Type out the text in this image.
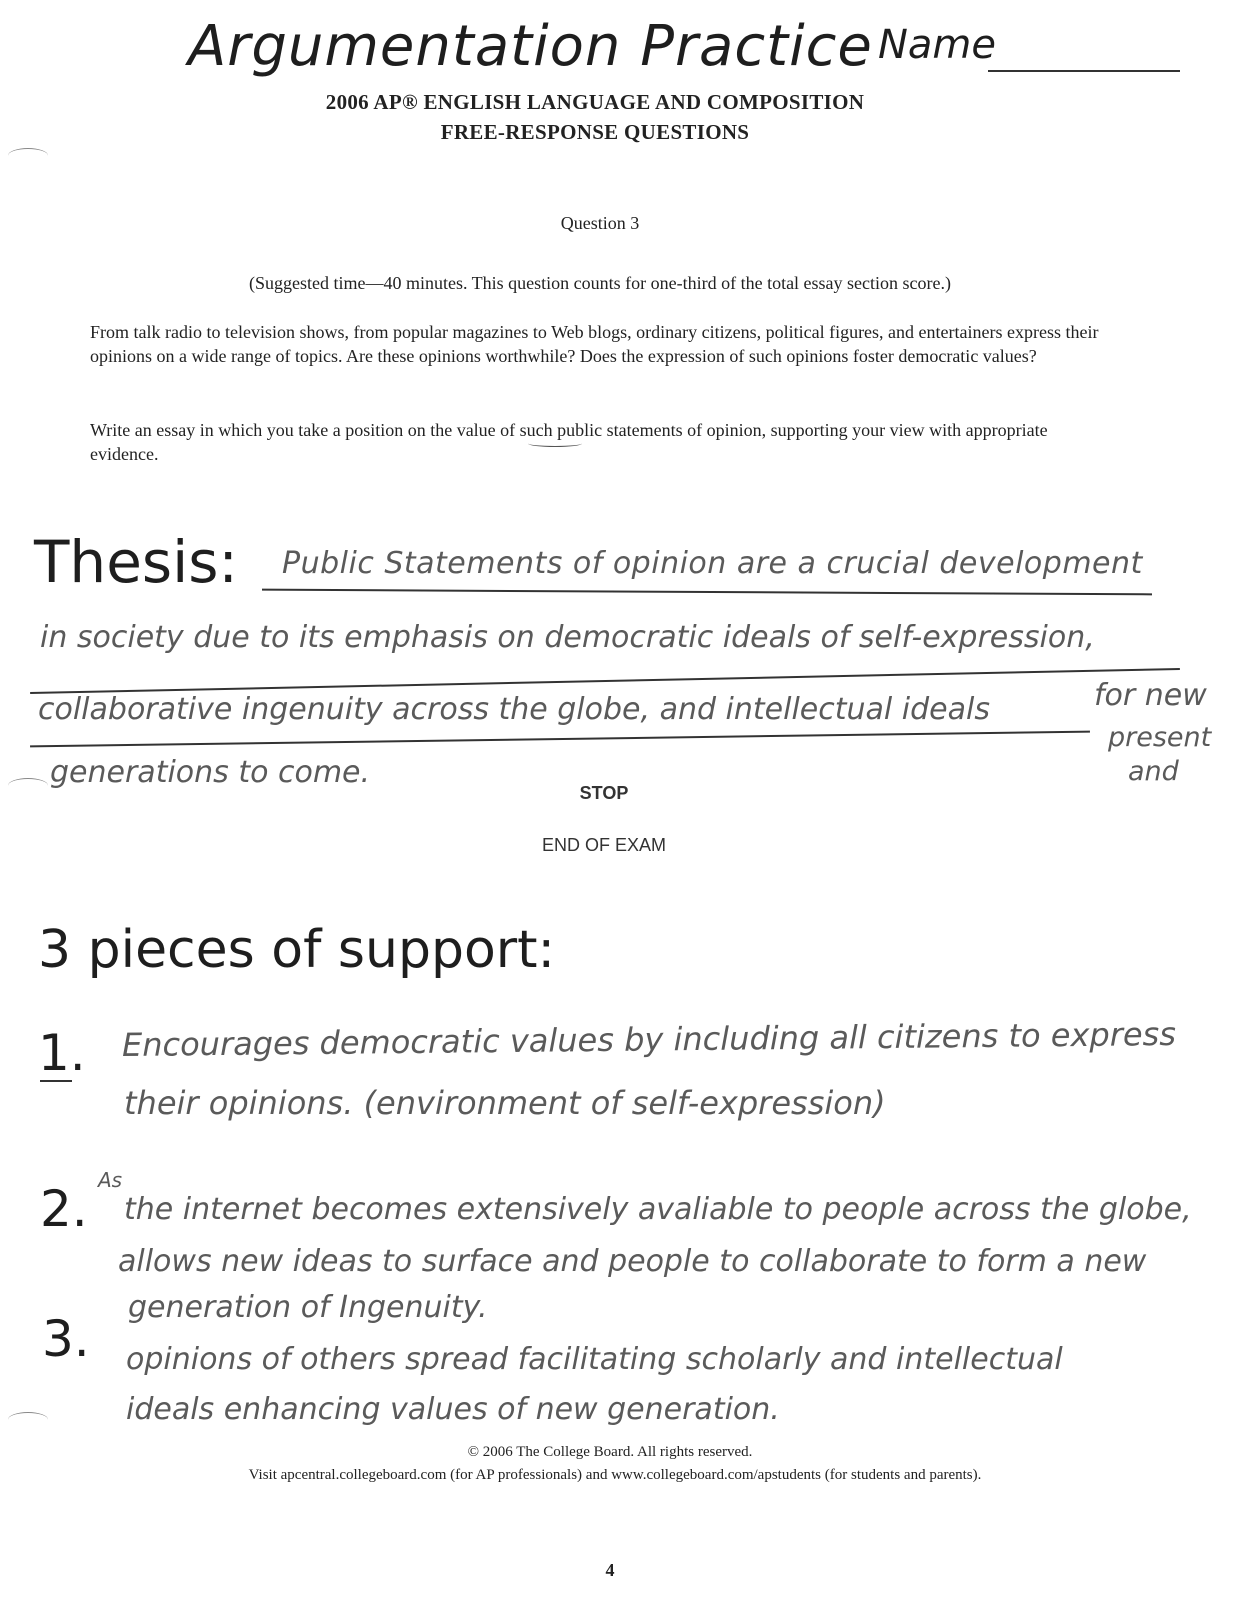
Argumentation Practice Name
2006 AP® ENGLISH LANGUAGE AND COMPOSITION
FREE-RESPONSE QUESTIONS
Question 3
(Suggested time—40 minutes. This question counts for one-third of the total essay section score.)
From talk radio to television shows, from popular magazines to Web blogs, ordinary citizens, political figures, and entertainers express their opinions on a wide range of topics. Are these opinions worthwhile? Does the expression of such opinions foster democratic values?
Write an essay in which you take a position on the value of such public statements of opinion, supporting your view with appropriate evidence.
Thesis: Public Statements of opinion are a crucial development
in society due to its emphasis on democratic ideals of self-expression,
collaborative ingenuity across the globe, and intellectual ideals	for new
present
and
generations to come.
STOP
END OF EXAM
3 pieces of support:
1. Encourages democratic values by including all citizens to express
their opinions. (environment of self-expression)
2. As
the internet becomes extensively avaliable to people across the globe,
allows new ideas to surface and people to collaborate to form a new
generation of Ingenuity.
3. opinions of others spread facilitating scholarly and intellectual
ideals enhancing values of new generation.
© 2006 The College Board. All rights reserved.
Visit apcentral.collegeboard.com (for AP professionals) and www.collegeboard.com/apstudents (for students and parents).
4
